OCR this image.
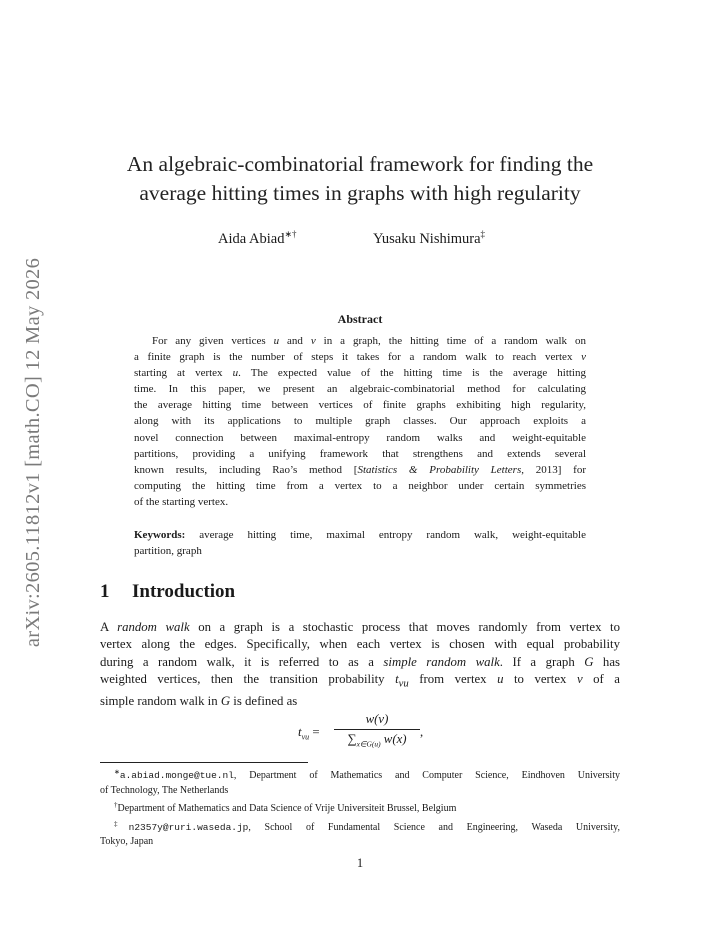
arXiv:2605.11812v1 [math.CO] 12 May 2026
An algebraic-combinatorial framework for finding the
average hitting times in graphs with high regularity
Aida Abiad∗†	Yusaku Nishimura‡
Abstract
For any given vertices u and v in a graph, the hitting time of a random walk on
a finite graph is the number of steps it takes for a random walk to reach vertex v
starting at vertex u. The expected value of the hitting time is the average hitting
time. In this paper, we present an algebraic-combinatorial method for calculating
the average hitting time between vertices of finite graphs exhibiting high regularity,
along with its applications to multiple graph classes. Our approach exploits a
novel connection between maximal-entropy random walks and weight-equitable
partitions, providing a unifying framework that strengthens and extends several
known results, including Rao’s method [Statistics & Probability Letters, 2013] for
computing the hitting time from a vertex to a neighbor under certain symmetries
of the starting vertex.
Keywords: average hitting time, maximal entropy random walk, weight-equitable
partition, graph
1 Introduction
A random walk on a graph is a stochastic process that moves randomly from vertex to
vertex along the edges. Specifically, when each vertex is chosen with equal probability
during a random walk, it is referred to as a simple random walk. If a graph G has
weighted vertices, then the transition probability $t_{vu}$ from vertex u to vertex v of a
simple random walk in G is defined as
$t_{vu}$ =
w(v)
$\sum_{x\in G(u)}$ w(x)	,
∗a.abiad.monge@tue.nl, Department of Mathematics and Computer Science, Eindhoven University
of Technology, The Netherlands
†Department of Mathematics and Data Science of Vrije Universiteit Brussel, Belgium
‡n2357y@ruri.waseda.jp, School of Fundamental Science and Engineering, Waseda University,
Tokyo, Japan
1
